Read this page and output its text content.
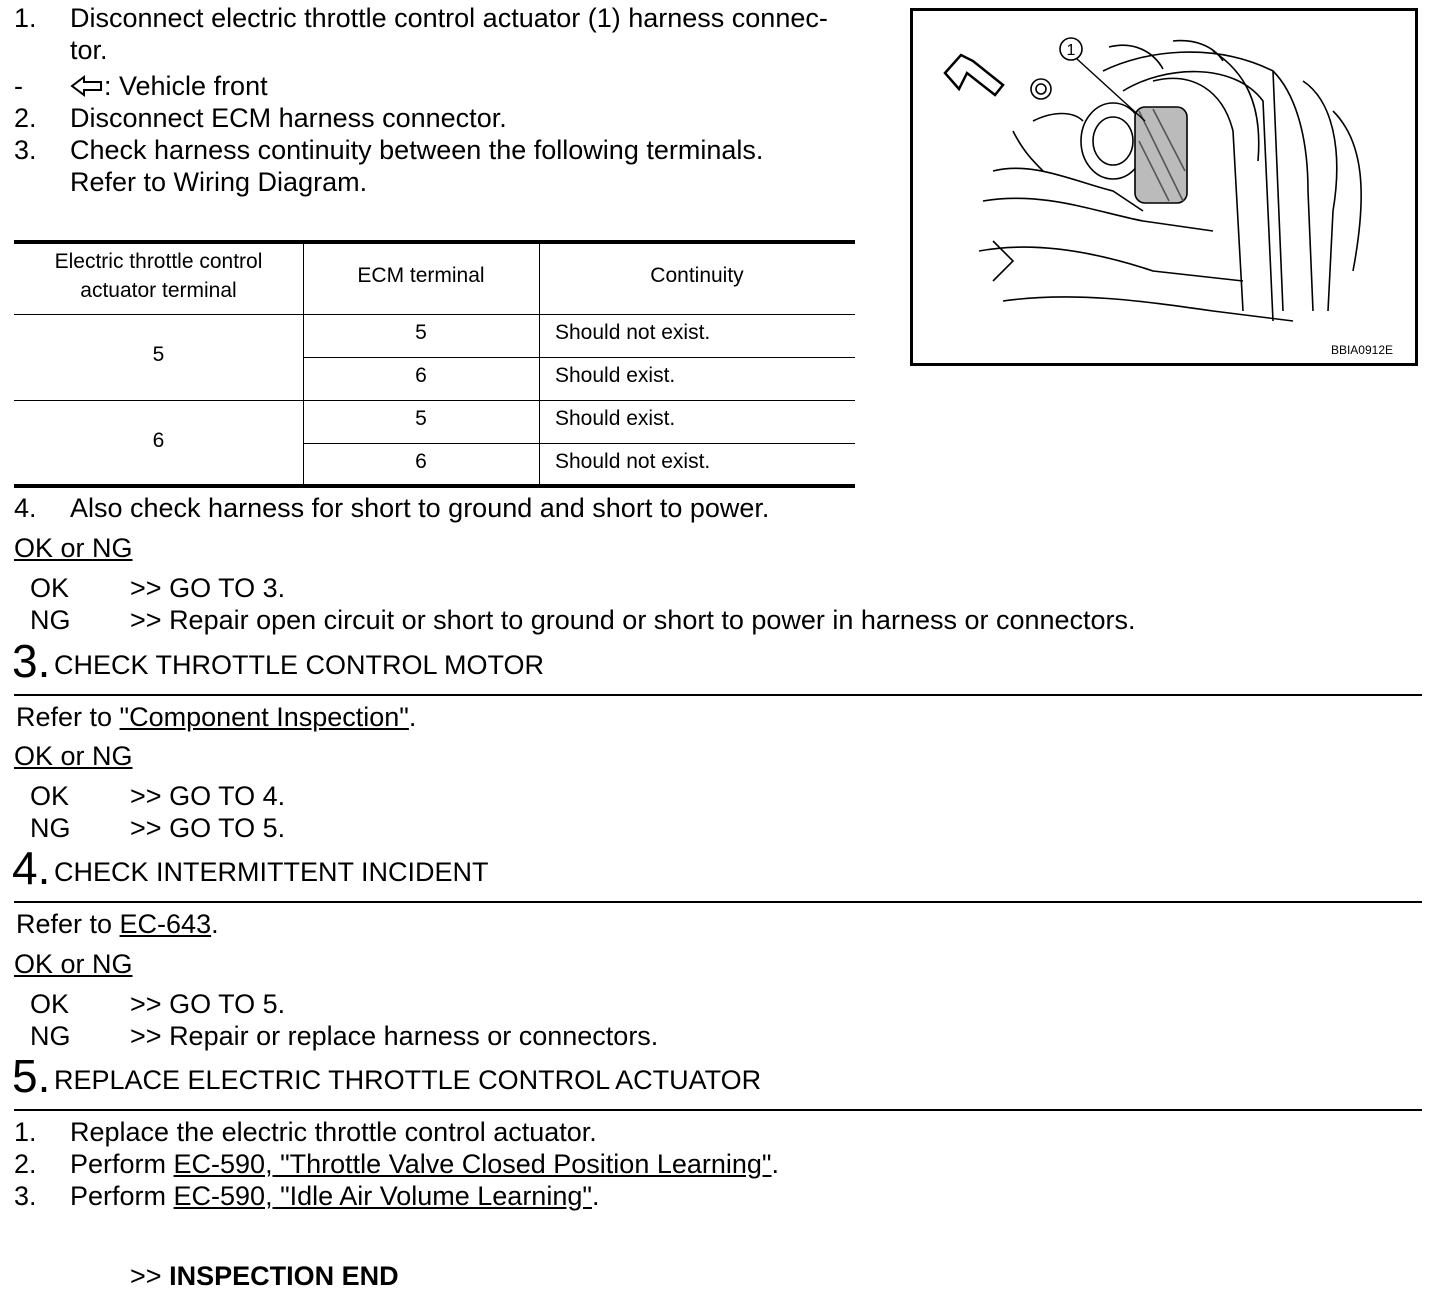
1.	Disconnect electric throttle control actuator (1) harness connec-
tor.
-	: Vehicle front
2.	Disconnect ECM harness connector.
3.	Check harness continuity between the following terminals.
Refer to Wiring Diagram.
1
BBIA0912E
Electric throttle control
actuator terminal
ECM terminal	Continuity
5
5	Should not exist.
6	Should exist.
6
5	Should exist.
6	Should not exist.
4.	Also check harness for short to ground and short to power.
OK or NG
OK >> GO TO 3.
NG >> Repair open circuit or short to ground or short to power in harness or connectors.
3. CHECK THROTTLE CONTROL MOTOR
Refer to "Component Inspection".
OK or NG
OK >> GO TO 4.
NG >> GO TO 5.
4. CHECK INTERMITTENT INCIDENT
Refer to EC-643.
OK or NG
OK >> GO TO 5.
NG >> Repair or replace harness or connectors.
5. REPLACE ELECTRIC THROTTLE CONTROL ACTUATOR
1.	Replace the electric throttle control actuator.
2.	Perform EC-590, "Throttle Valve Closed Position Learning".
3.	Perform EC-590, "Idle Air Volume Learning".
>> INSPECTION END
